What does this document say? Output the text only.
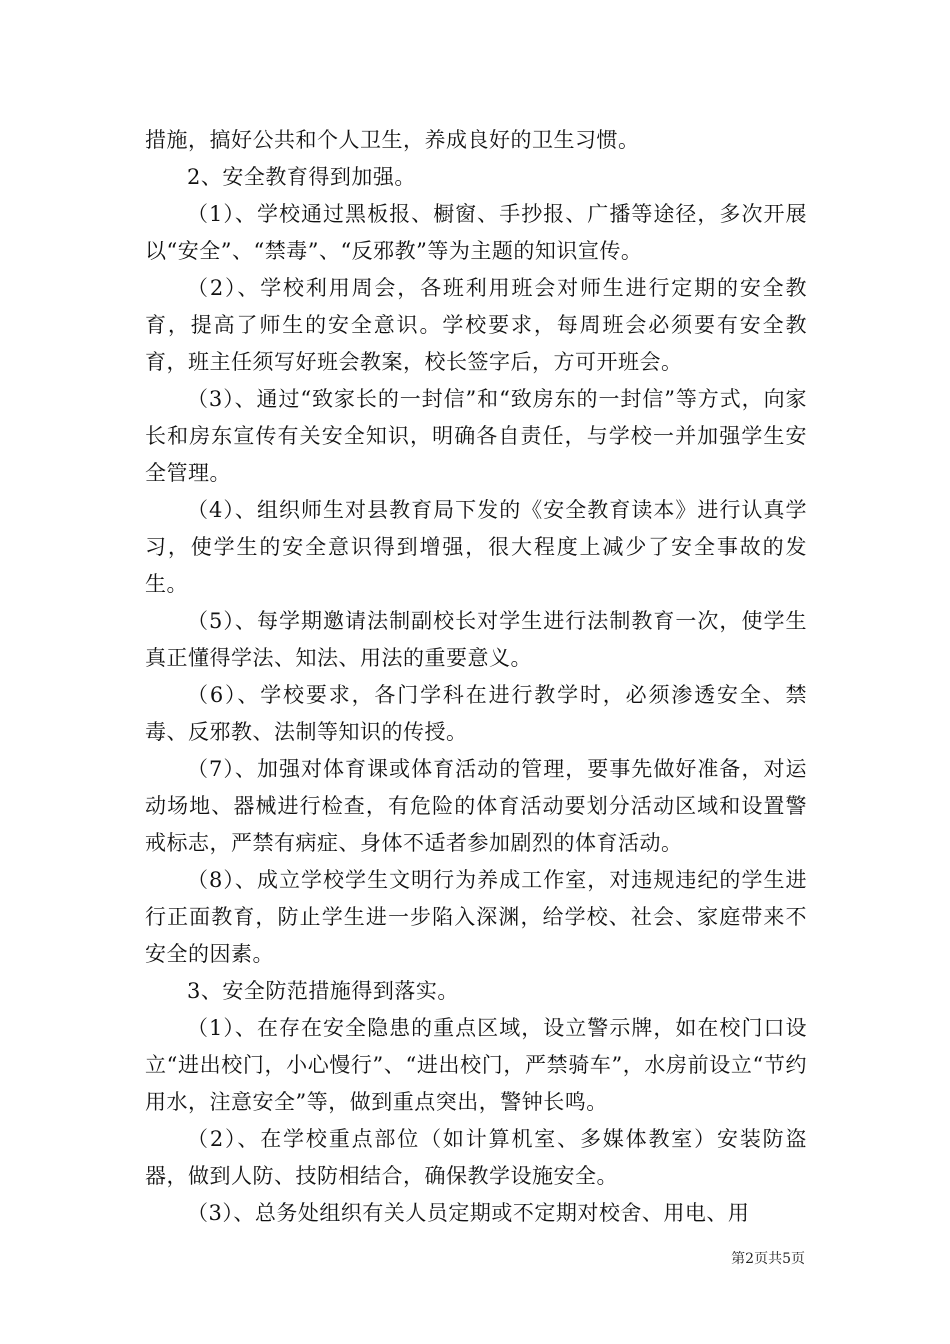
措施，搞好公共和个人卫生，养成良好的卫生习惯。

2、安全教育得到加强。

（1）、学校通过黑板报、橱窗、手抄报、广播等途径，多次开展以“安全”、“禁毒”、“反邪教”等为主题的知识宣传。

（2）、学校利用周会，各班利用班会对师生进行定期的安全教育，提高了师生的安全意识。学校要求，每周班会必须要有安全教育，班主任须写好班会教案，校长签字后，方可开班会。

（3）、通过“致家长的一封信”和“致房东的一封信”等方式，向家长和房东宣传有关安全知识，明确各自责任，与学校一并加强学生安全管理。

（4）、组织师生对县教育局下发的《安全教育读本》进行认真学习，使学生的安全意识得到增强，很大程度上减少了安全事故的发生。

（5）、每学期邀请法制副校长对学生进行法制教育一次，使学生真正懂得学法、知法、用法的重要意义。

（6）、学校要求，各门学科在进行教学时，必须渗透安全、禁毒、反邪教、法制等知识的传授。

（7）、加强对体育课或体育活动的管理，要事先做好准备，对运动场地、器械进行检查，有危险的体育活动要划分活动区域和设置警戒标志，严禁有病症、身体不适者参加剧烈的体育活动。

（8）、成立学校学生文明行为养成工作室，对违规违纪的学生进行正面教育，防止学生进一步陷入深渊，给学校、社会、家庭带来不安全的因素。

3、安全防范措施得到落实。

（1）、在存在安全隐患的重点区域，设立警示牌，如在校门口设立“进出校门，小心慢行”、“进出校门，严禁骑车”，水房前设立“节约用水，注意安全”等，做到重点突出，警钟长鸣。

（2）、在学校重点部位（如计算机室、多媒体教室）安装防盗器，做到人防、技防相结合，确保教学设施安全。

（3）、总务处组织有关人员定期或不定期对校舍、用电、用

第2页共5页
